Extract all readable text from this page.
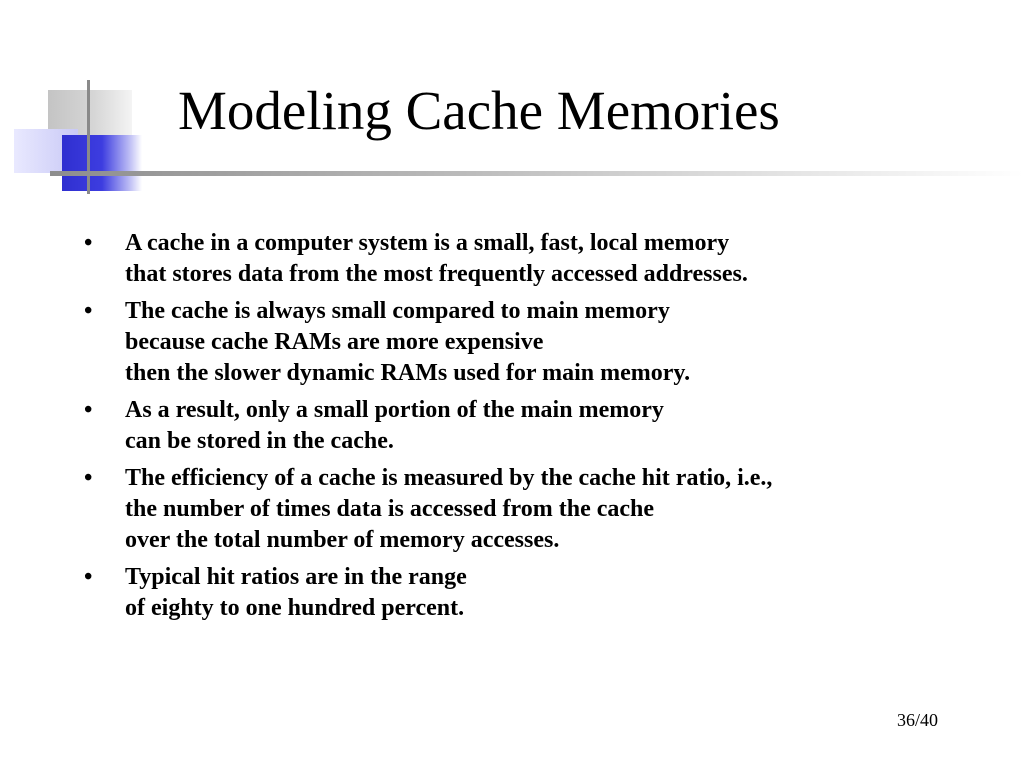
Modeling Cache Memories
• A cache in a computer system is a small, fast, local memory
that stores data from the most frequently accessed addresses.
• The cache is always small compared to main memory
because cache RAMs are more expensive
then the slower dynamic RAMs used for main memory.
• As a result, only a small portion of the main memory
can be stored in the cache.
• The efficiency of a cache is measured by the cache hit ratio, i.e.,
the number of times data is accessed from the cache
over the total number of memory accesses.
• Typical hit ratios are in the range
of eighty to one hundred percent.
36/40
